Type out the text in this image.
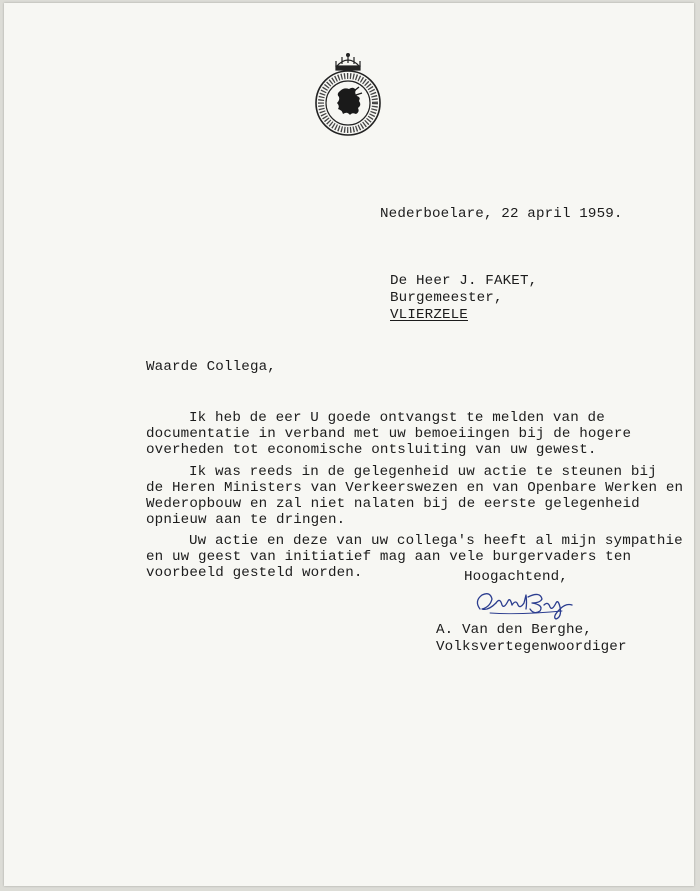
Nederboelare, 22 april 1959.
De Heer J. FAKET,
Burgemeester,
VLIERZELE
Waarde Collega,
Ik heb de eer U goede ontvangst te melden van de
documentatie in verband met uw bemoeiingen bij de hogere
overheden tot economische ontsluiting van uw gewest.
Ik was reeds in de gelegenheid uw actie te steunen bij
de Heren Ministers van Verkeerswezen en van Openbare Werken en
Wederopbouw en zal niet nalaten bij de eerste gelegenheid
opnieuw aan te dringen.
Uw actie en deze van uw collega's heeft al mijn sympathie
en uw geest van initiatief mag aan vele burgervaders ten
voorbeeld gesteld worden.	Hoogachtend,
A. Van den Berghe,
Volksvertegenwoordiger
